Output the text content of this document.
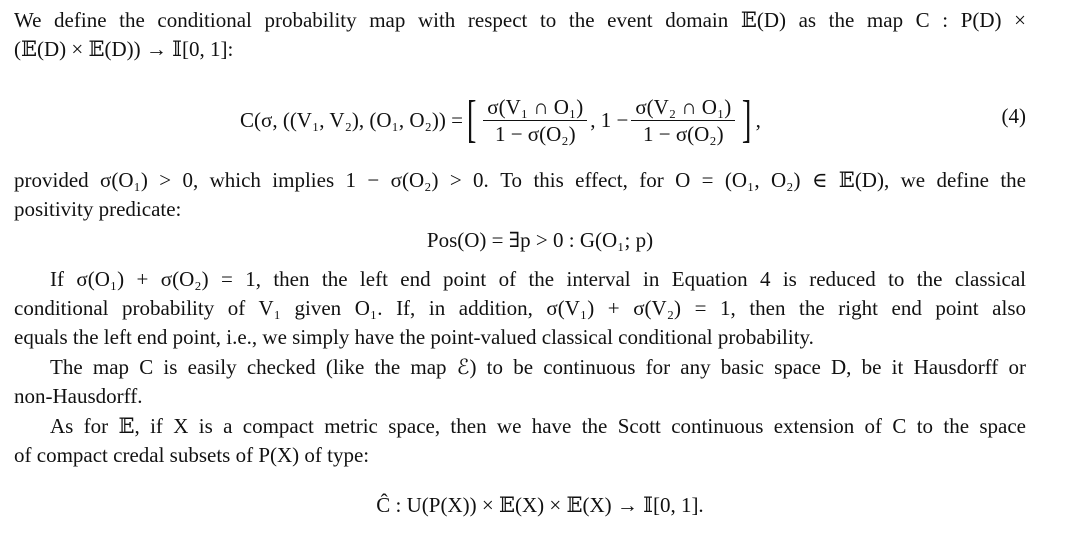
We define the conditional probability map with respect to the event domain 𝔼(D) as the map C : P(D) ×
(𝔼(D) × 𝔼(D)) → 𝕀[0, 1]:
C(σ, ((V₁, V₂), (O₁, O₂)) = [ $\frac{\text{σ(V₁ ∩ O₁)}}{\text{1 − σ(O₂)}}$ , $1 - \frac{\text{σ(V₂ ∩ O₁)}}{\text{1 − σ(O₂)}}$ ] ,	(4)
provided σ(O₁) > 0, which implies 1 − σ(O₂) > 0. To this effect, for O = (O₁, O₂) ∈ 𝔼(D), we define the
positivity predicate:
Pos(O) = ∃p > 0 : G(O₁; p)
If σ(O₁) + σ(O₂) = 1, then the left end point of the interval in Equation 4 is reduced to the classical
conditional probability of V₁ given O₁. If, in addition, σ(V₁) + σ(V₂) = 1, then the right end point also
equals the left end point, i.e., we simply have the point-valued classical conditional probability.
The map C is easily checked (like the map ℰ) to be continuous for any basic space D, be it Hausdorff or
non-Hausdorff.
As for 𝔼, if X is a compact metric space, then we have the Scott continuous extension of C to the space
of compact credal subsets of P(X) of type:
Ĉ : U(P(X)) × 𝔼(X) × 𝔼(X) → 𝕀[0, 1].
